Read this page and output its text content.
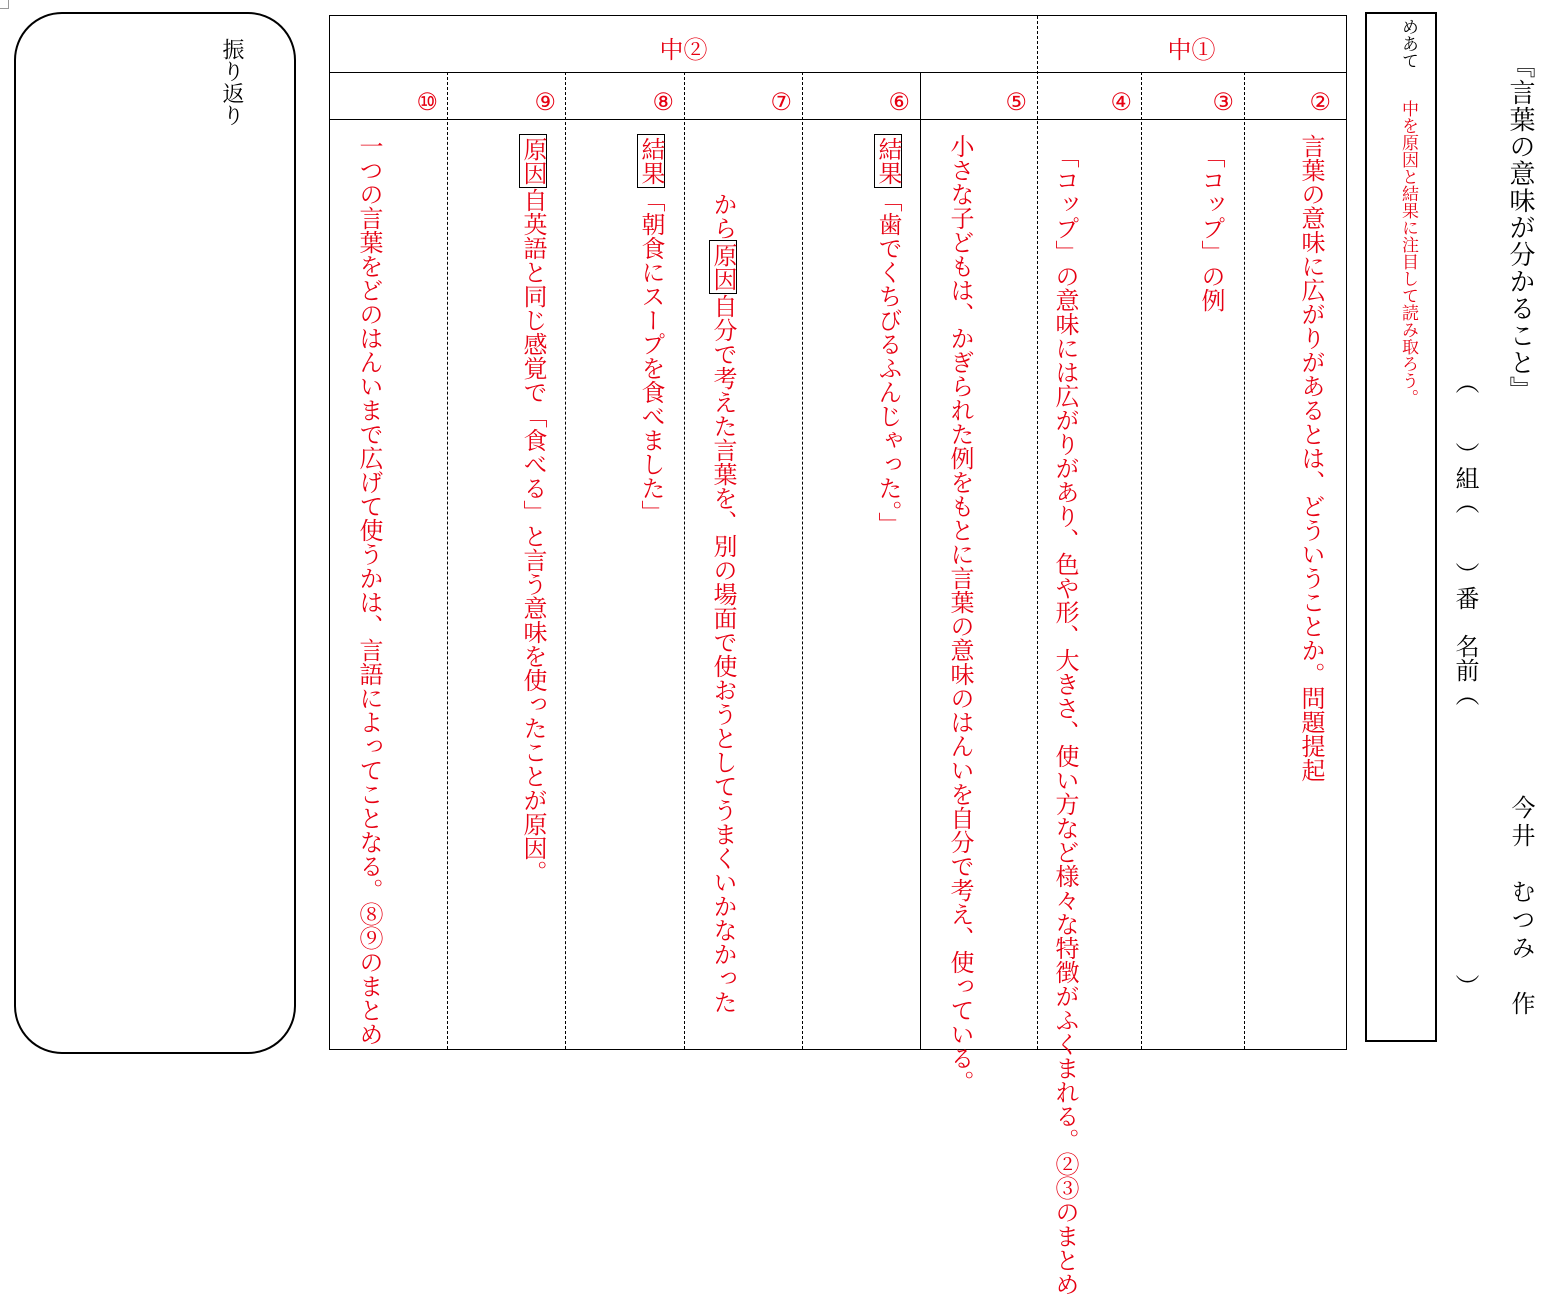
『言葉の意味が分かること』
（　　）組（　　）番　名前（ ） 今井　むつみ　作
めあて
中を原因と結果に注目して読み取ろう。
中①
中②
②
③
④
⑤
⑥
⑦
⑧
⑨
⑩
言葉の意味に広がりがあるとは、どういうことか。問題提起
「コップ」の例
「コップ」の意味には広がりがあり、色や形、大きさ、使い方など様々な特徴がふくまれる。②③のまとめ
小さな子どもは、かぎられた例をもとに言葉の意味のはんいを自分で考え、使っている。
結果「歯でくちびるふんじゃった。」
から原因自分で考えた言葉を、別の場面で使おうとしてうまくいかなかった
結果「朝食にスープを食べました」
原因自英語と同じ感覚で「食べる」と言う意味を使ったことが原因。
一つの言葉をどのはんいまで広げて使うかは、言語によってことなる。⑧⑨のまとめ
振り返り
